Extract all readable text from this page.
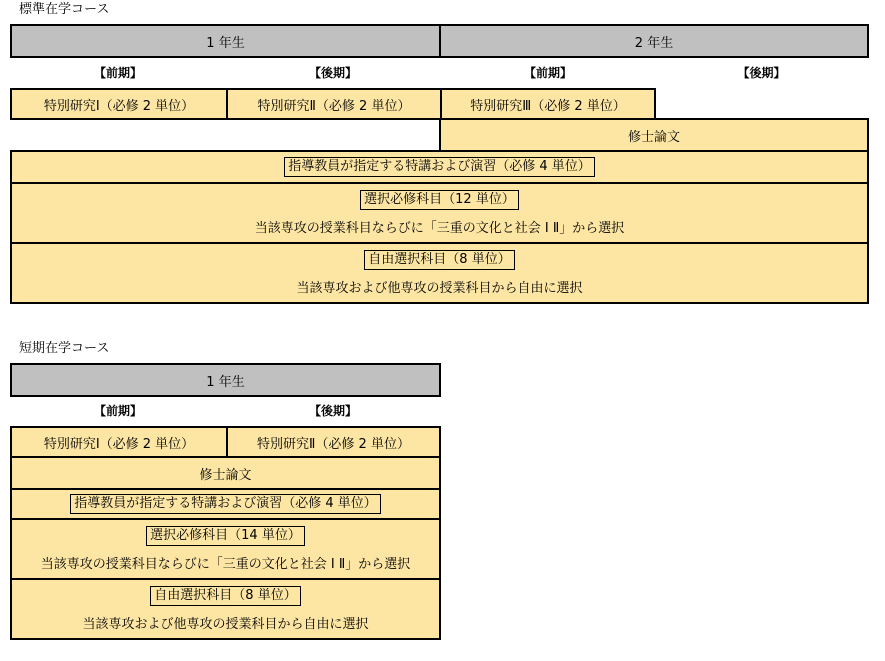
標準在学コース
1 年生	2 年生
【前期】	【後期】	【前期】	【後期】
特別研究Ⅰ（必修 2 単位）	特別研究Ⅱ（必修 2 単位）	特別研究Ⅲ（必修 2 単位）
修士論文
指導教員が指定する特講および演習（必修 4 単位）
選択必修科目（12 単位）
当該専攻の授業科目ならびに「三重の文化と社会 Ⅰ Ⅱ」から選択
自由選択科目（8 単位）
当該専攻および他専攻の授業科目から自由に選択
短期在学コース
1 年生
【前期】	【後期】
特別研究Ⅰ（必修 2 単位）	特別研究Ⅱ（必修 2 単位）
修士論文
指導教員が指定する特講および演習（必修 4 単位）
選択必修科目（14 単位）
当該専攻の授業科目ならびに「三重の文化と社会 Ⅰ Ⅱ」から選択
自由選択科目（8 単位）
当該専攻および他専攻の授業科目から自由に選択
